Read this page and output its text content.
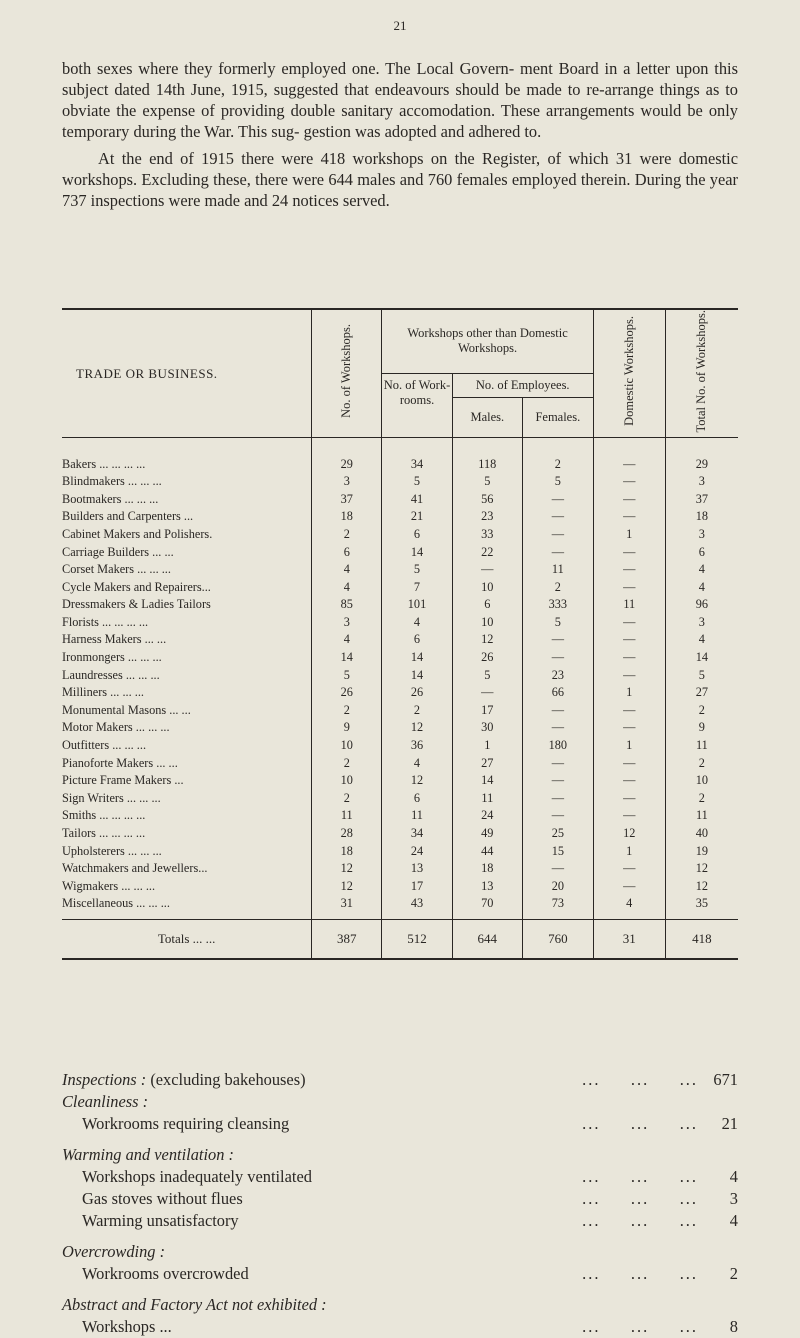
21

both sexes where they formerly employed one. The Local Govern- ment Board in a letter upon this subject dated 14th June, 1915, suggested that endeavours should be made to re-arrange things as to obviate the expense of providing double sanitary accomodation. These arrangements would be only temporary during the War. This sug- gestion was adopted and adhered to.

At the end of 1915 there were 418 workshops on the Register, of which 31 were domestic workshops. Excluding these, there were 644 males and 760 females employed therein. During the year 737 inspections were made and 24 notices served.

TRADE OR BUSINESS.	No. of Workshops.	Workshops other than Domestic Workshops.			Domestic Workshops.	Total No. of Workshops.
		No. of Work- rooms.	No. of Employees.			
			Males.	Females.		

Bakers ... ... ... ...	29	34	118	2	—	29
Blindmakers ... ... ...	3	5	5	5	—	3
Bootmakers ... ... ...	37	41	56	—	—	37
Builders and Carpenters ...	18	21	23	—	—	18
Cabinet Makers and Polishers.	2	6	33	—	1	3
Carriage Builders ... ...	6	14	22	—	—	6
Corset Makers ... ... ...	4	5	—	11	—	4
Cycle Makers and Repairers...	4	7	10	2	—	4
Dressmakers & Ladies Tailors	85	101	6	333	11	96
Florists ... ... ... ...	3	4	10	5	—	3
Harness Makers ... ...	4	6	12	—	—	4
Ironmongers ... ... ...	14	14	26	—	—	14
Laundresses ... ... ...	5	14	5	23	—	5
Milliners ... ... ...	26	26	—	66	1	27
Monumental Masons ... ...	2	2	17	—	—	2
Motor Makers ... ... ...	9	12	30	—	—	9
Outfitters ... ... ...	10	36	1	180	1	11
Pianoforte Makers ... ...	2	4	27	—	—	2
Picture Frame Makers ...	10	12	14	—	—	10
Sign Writers ... ... ...	2	6	11	—	—	2
Smiths ... ... ... ...	11	11	24	—	—	11
Tailors ... ... ... ...	28	34	49	25	12	40
Upholsterers ... ... ...	18	24	44	15	1	19
Watchmakers and Jewellers...	12	13	18	—	—	12
Wigmakers ... ... ...	12	17	13	20	—	12
Miscellaneous ... ... ...	31	43	70	73	4	35
Totals ... ...	387	512	644	760	31	418
Inspections : (excluding bakehouses)	...     ...     ... 671
Cleanliness :
Workrooms requiring cleansing	...     ...     ...	21
Warming and ventilation :
Workshops inadequately ventilated	...     ...     ...	4
Gas stoves without flues	...     ...     ...	3
Warming unsatisfactory	...     ...     ...	4
Overcrowding :
Workrooms overcrowded	...     ...     ...	2
Abstract and Factory Act not exhibited :
Workshops ...	...     ...     ...	8
